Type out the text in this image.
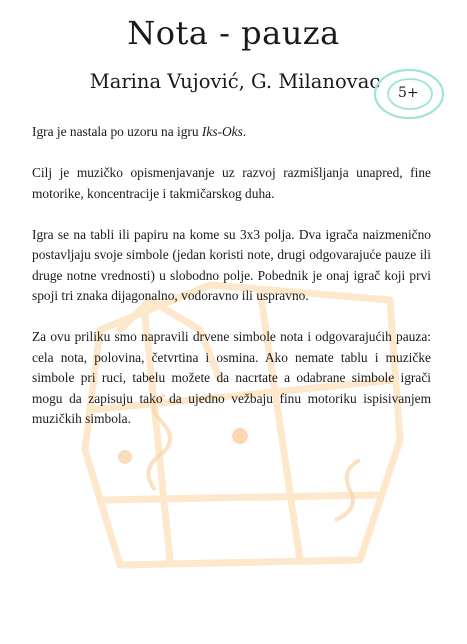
Nota - pauza
Marina Vujović, G. Milanovac	5+

Igra je nastala po uzoru na igru Iks-Oks.

Cilj je muzičko opismenjavanje uz razvoj razmišljanja unapred, fine motorike, koncentracije i takmičarskog duha.

Igra se na tabli ili papiru na kome su 3x3 polja. Dva igrača naizmenično postavljaju svoje simbole (jedan koristi note, drugi odgovarajuće pauze ili druge notne vrednosti) u slobodno polje. Pobednik je onaj igrač koji prvi spoji tri znaka dijagonalno, vodoravno ili uspravno.

Za ovu priliku smo napravili drvene simbole nota i odgovarajućih pauza: cela nota, polovina, četvrtina i osmina. Ako nemate tablu i muzičke simbole pri ruci, tabelu možete da nacrtate a odabrane simbole igrači mogu da zapisuju tako da ujedno vežbaju finu motoriku ispisivanjem muzičkih simbola.
